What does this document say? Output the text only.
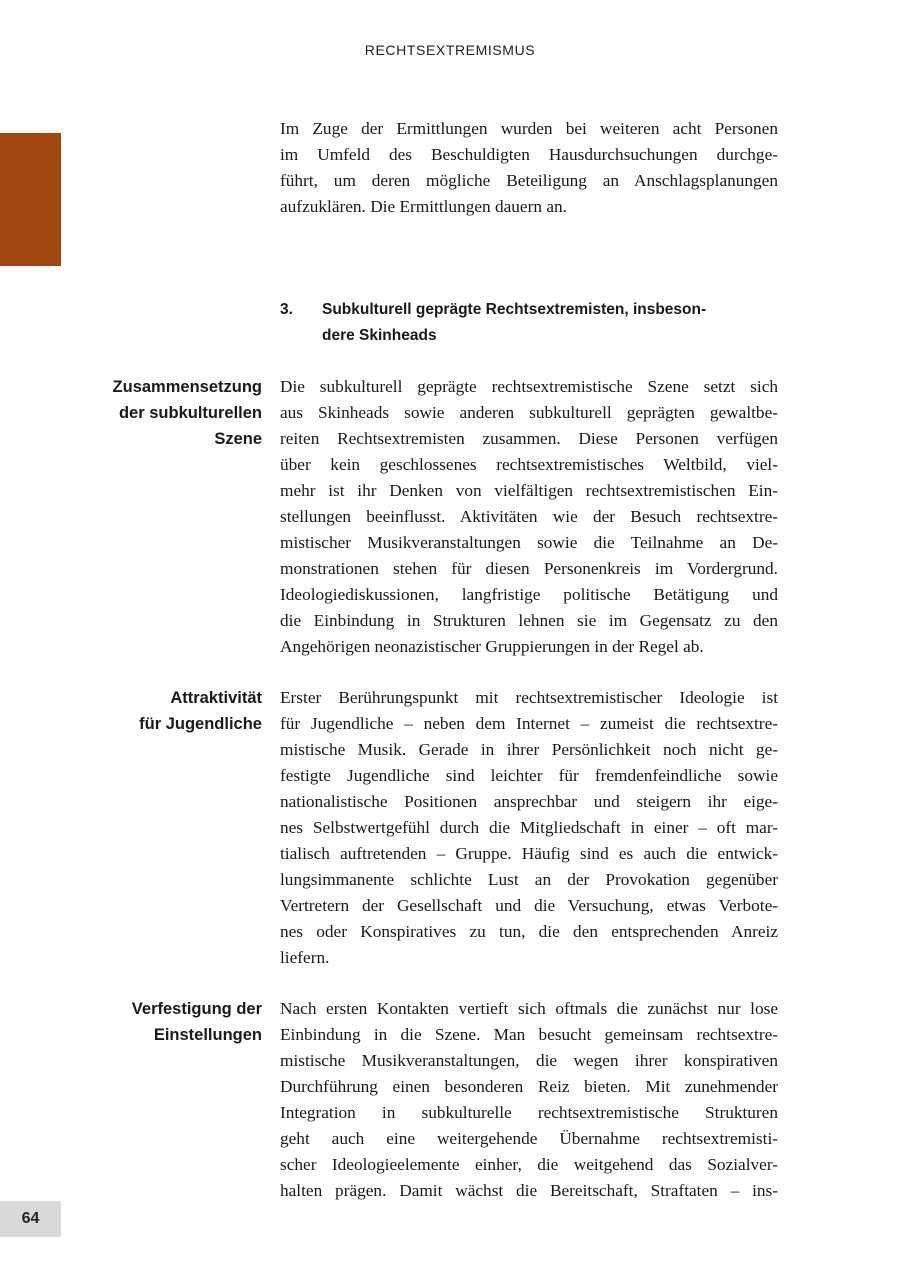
RECHTSEXTREMISMUS
Im Zuge der Ermittlungen wurden bei weiteren acht Personen
im Umfeld des Beschuldigten Hausdurchsuchungen durchge-
führt, um deren mögliche Beteiligung an Anschlagsplanungen
aufzuklären. Die Ermittlungen dauern an.
3. Subkulturell geprägte Rechtsextremisten, insbeson-
dere Skinheads
Zusammensetzung
der subkulturellen
Szene
Die subkulturell geprägte rechtsextremistische Szene setzt sich
aus Skinheads sowie anderen subkulturell geprägten gewaltbe-
reiten Rechtsextremisten zusammen. Diese Personen verfügen
über kein geschlossenes rechtsextremistisches Weltbild, viel-
mehr ist ihr Denken von vielfältigen rechtsextremistischen Ein-
stellungen beeinflusst. Aktivitäten wie der Besuch rechtsextre-
mistischer Musikveranstaltungen sowie die Teilnahme an De-
monstrationen stehen für diesen Personenkreis im Vordergrund.
Ideologiediskussionen, langfristige politische Betätigung und
die Einbindung in Strukturen lehnen sie im Gegensatz zu den
Angehörigen neonazistischer Gruppierungen in der Regel ab.
Attraktivität
für Jugendliche
Erster Berührungspunkt mit rechtsextremistischer Ideologie ist
für Jugendliche – neben dem Internet – zumeist die rechtsextre-
mistische Musik. Gerade in ihrer Persönlichkeit noch nicht ge-
festigte Jugendliche sind leichter für fremdenfeindliche sowie
nationalistische Positionen ansprechbar und steigern ihr eige-
nes Selbstwertgefühl durch die Mitgliedschaft in einer – oft mar-
tialisch auftretenden – Gruppe. Häufig sind es auch die entwick-
lungsimmanente schlichte Lust an der Provokation gegenüber
Vertretern der Gesellschaft und die Versuchung, etwas Verbote-
nes oder Konspiratives zu tun, die den entsprechenden Anreiz
liefern.
Verfestigung der
Einstellungen
Nach ersten Kontakten vertieft sich oftmals die zunächst nur lose
Einbindung in die Szene. Man besucht gemeinsam rechtsextre-
mistische Musikveranstaltungen, die wegen ihrer konspirativen
Durchführung einen besonderen Reiz bieten. Mit zunehmender
Integration in subkulturelle rechtsextremistische Strukturen
geht auch eine weitergehende Übernahme rechtsextremisti-
scher Ideologieelemente einher, die weitgehend das Sozialver-
halten prägen. Damit wächst die Bereitschaft, Straftaten – ins-
64
